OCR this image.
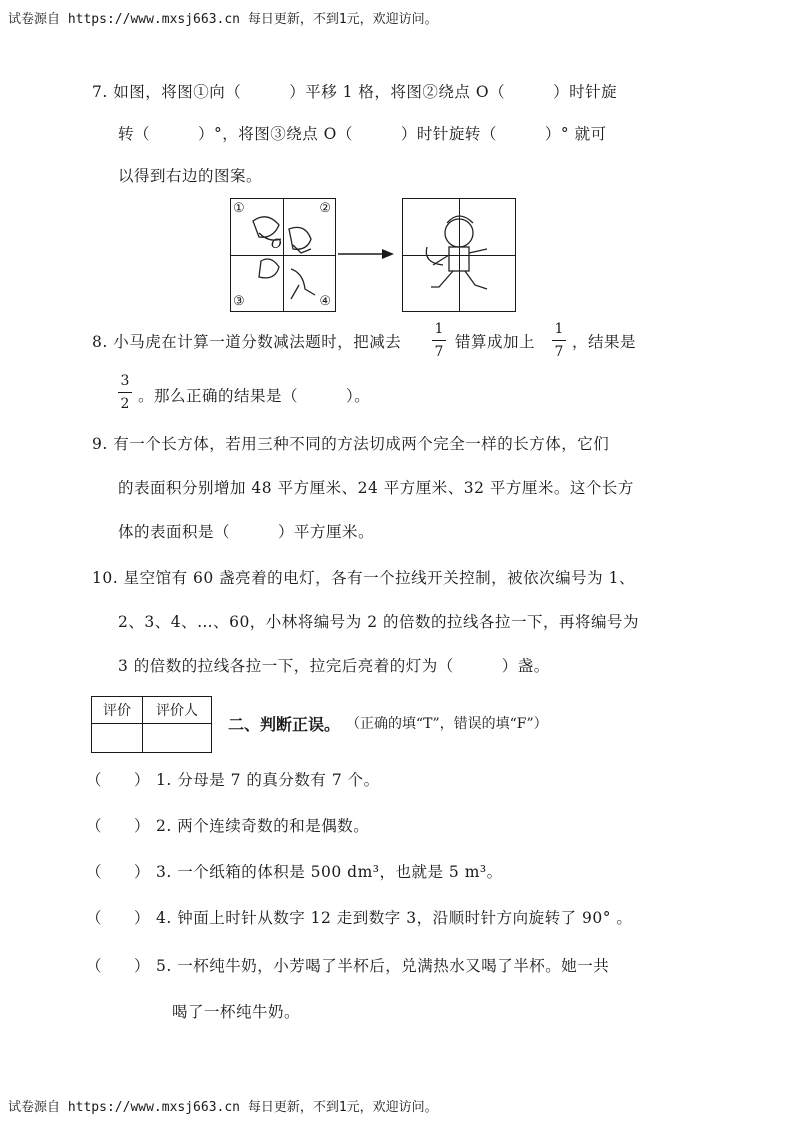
试卷源自 https://www.mxsj663.cn 每日更新，不到1元，欢迎访问。
7. 如图，将图①向（　　　）平移 1 格，将图②绕点 O（　　　）时针旋
转（　　　）°，将图③绕点 O（　　　）时针旋转（　　　）° 就可
以得到右边的图案。
①	②
③	④
O
8. 小马虎在计算一道分数减法题时，把减去
1
7
错算成加上
1
7
，结果是
3
2 。那么正确的结果是（　　　）。
9. 有一个长方体，若用三种不同的方法切成两个完全一样的长方体，它们
的表面积分别增加 48 平方厘米、24 平方厘米、32 平方厘米。这个长方
体的表面积是（　　　）平方厘米。
10. 星空馆有 60 盏亮着的电灯，各有一个拉线开关控制，被依次编号为 1、
2、3、4、…、60，小林将编号为 2 的倍数的拉线各拉一下，再将编号为
3 的倍数的拉线各拉一下，拉完后亮着的灯为（　　　）盏。
评价	评价人

二、判断正误。 （正确的填“T”，错误的填“F”）
（　　） 1. 分母是 7 的真分数有 7 个。
（　　） 2. 两个连续奇数的和是偶数。
（　　） 3. 一个纸箱的体积是 500 dm³，也就是 5 m³。
（　　） 4. 钟面上时针从数字 12 走到数字 3，沿顺时针方向旋转了 90° 。
（　　） 5. 一杯纯牛奶，小芳喝了半杯后，兑满热水又喝了半杯。她一共
喝了一杯纯牛奶。
试卷源自 https://www.mxsj663.cn 每日更新，不到1元，欢迎访问。
